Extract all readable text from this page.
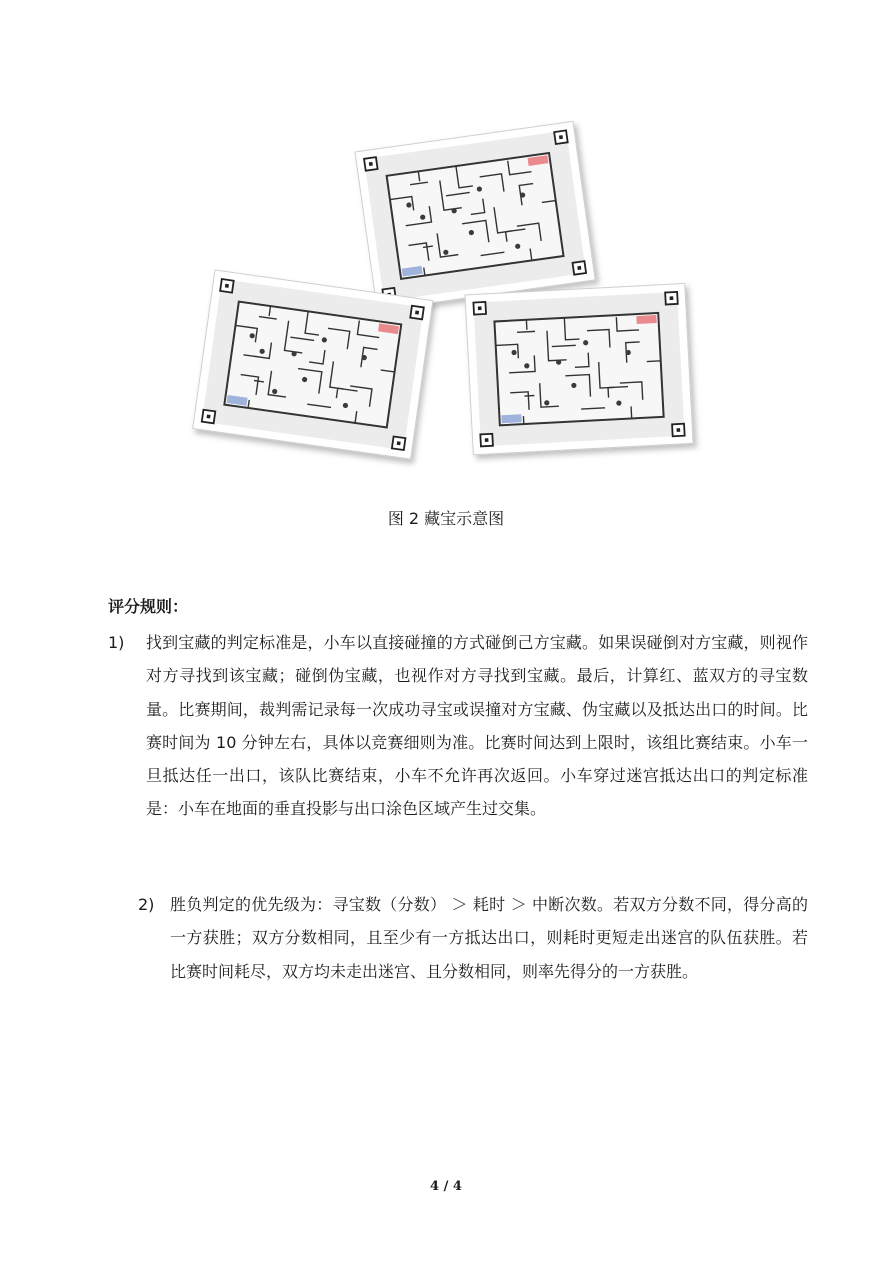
图 2 藏宝示意图
评分规则：
1) 找到宝藏的判定标准是，小车以直接碰撞的方式碰倒己方宝藏。如果误碰倒对方宝藏，则视作对方寻找到该宝藏；碰倒伪宝藏，也视作对方寻找到宝藏。最后，计算红、蓝双方的寻宝数量。比赛期间，裁判需记录每一次成功寻宝或误撞对方宝藏、伪宝藏以及抵达出口的时间。比赛时间为 10 分钟左右，具体以竞赛细则为准。比赛时间达到上限时，该组比赛结束。小车一旦抵达任一出口，该队比赛结束，小车不允许再次返回。小车穿过迷宫抵达出口的判定标准是：小车在地面的垂直投影与出口涂色区域产生过交集。
2) 胜负判定的优先级为：寻宝数（分数） ＞ 耗时 ＞ 中断次数。若双方分数不同，得分高的一方获胜；双方分数相同，且至少有一方抵达出口，则耗时更短走出迷宫的队伍获胜。若比赛时间耗尽，双方均未走出迷宫、且分数相同，则率先得分的一方获胜。
4 / 4
